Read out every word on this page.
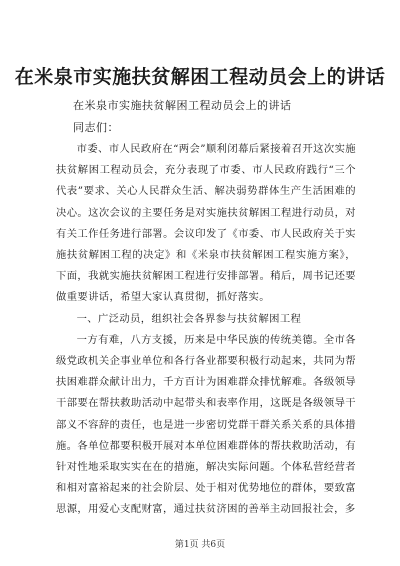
在米泉市实施扶贫解困工程动员会上的讲话
在米泉市实施扶贫解困工程动员会上的讲话
同志们：

市委、市人民政府在“两会”顺利闭幕后紧接着召开这次实施扶贫解困工程动员会，充分表现了市委、市人民政府践行“三个代表”要求、关心人民群众生活、解决弱势群体生产生活困难的决心。这次会议的主要任务是对实施扶贫解困工程进行动员，对有关工作任务进行部署。会议印发了《市委、市人民政府关于实施扶贫解困工程的决定》和《米泉市扶贫解困工程实施方案》，下面，我就实施扶贫解困工程进行安排部署。稍后，周书记还要做重要讲话，希望大家认真贯彻，抓好落实。

一、广泛动员，组织社会各界参与扶贫解困工程

一方有难，八方支援，历来是中华民族的传统美德。全市各级党政机关企事业单位和各行各业都要积极行动起来，共同为帮扶困难群众献计出力，千方百计为困难群众排忧解难。各级领导干部要在帮扶救助活动中起带头和表率作用，这既是各级领导干部义不容辞的责任，也是进一步密切党群干群关系关系的具体措施。各单位都要积极开展对本单位困难群体的帮扶救助活动，有针对性地采取实实在在的措施，解决实际问题。个体私营经营者和相对富裕起来的社会阶层、处于相对优势地位的群体，要致富思源，用爱心支配财富，通过扶贫济困的善举主动回报社会，多

第1页 共6页
